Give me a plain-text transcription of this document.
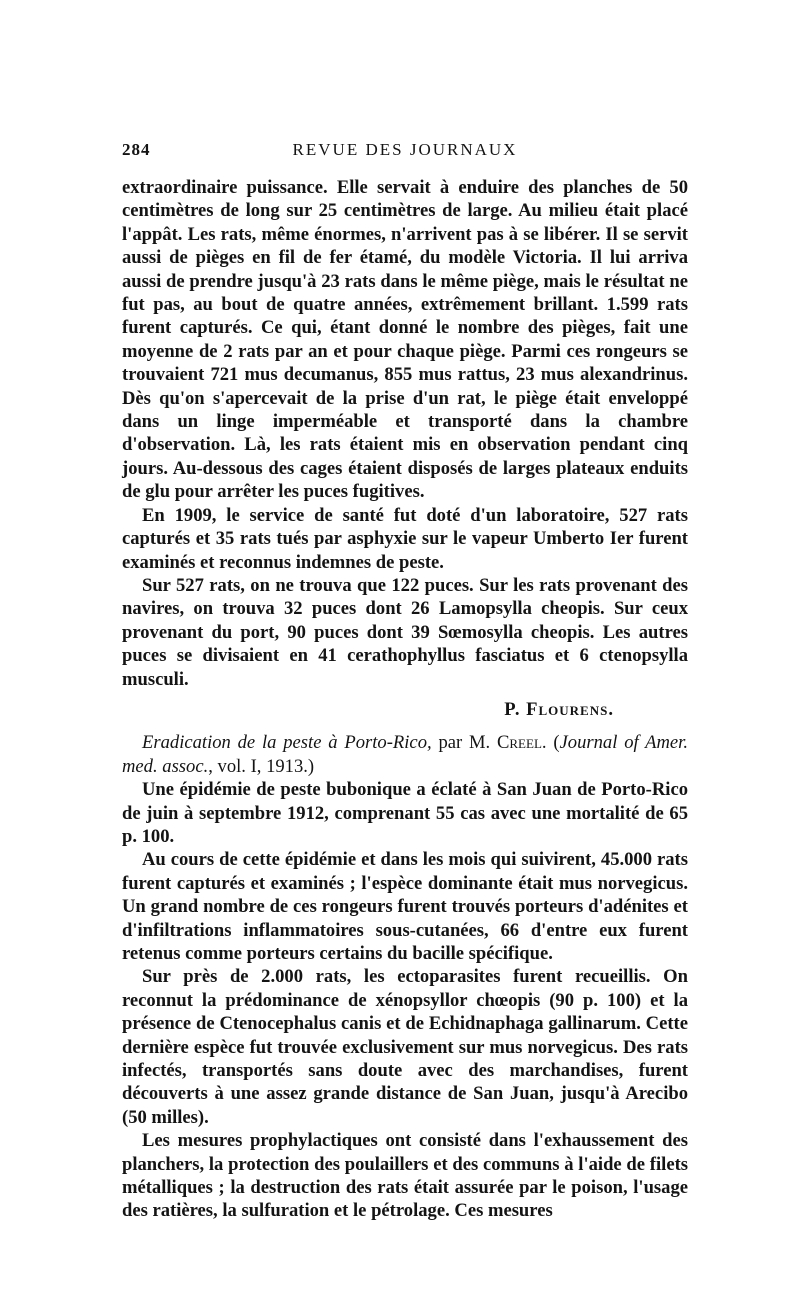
284	REVUE DES JOURNAUX

extraordinaire puissance. Elle servait à enduire des planches de 50 centimètres de long sur 25 centimètres de large. Au milieu était placé l'appât. Les rats, même énormes, n'arrivent pas à se libérer. Il se servit aussi de pièges en fil de fer étamé, du modèle Victoria. Il lui arriva aussi de prendre jusqu'à 23 rats dans le même piège, mais le résultat ne fut pas, au bout de quatre années, extrêmement brillant. 1.599 rats furent capturés. Ce qui, étant donné le nombre des pièges, fait une moyenne de 2 rats par an et pour chaque piège. Parmi ces rongeurs se trouvaient 721 mus decumanus, 855 mus rattus, 23 mus alexandrinus. Dès qu'on s'apercevait de la prise d'un rat, le piège était enveloppé dans un linge imperméable et transporté dans la chambre d'observation. Là, les rats étaient mis en observation pendant cinq jours. Au-dessous des cages étaient disposés de larges plateaux enduits de glu pour arrêter les puces fugitives.

En 1909, le service de santé fut doté d'un laboratoire, 527 rats capturés et 35 rats tués par asphyxie sur le vapeur Umberto Ier furent examinés et reconnus indemnes de peste.

Sur 527 rats, on ne trouva que 122 puces. Sur les rats provenant des navires, on trouva 32 puces dont 26 Lamopsylla cheopis. Sur ceux provenant du port, 90 puces dont 39 Sœmosylla cheopis. Les autres puces se divisaient en 41 cerathophyllus fasciatus et 6 ctenopsylla musculi.

P. Flourens.

Eradication de la peste à Porto-Rico, par M. Creel. (Journal of Amer. med. assoc., vol. I, 1913.)

Une épidémie de peste bubonique a éclaté à San Juan de Porto-Rico de juin à septembre 1912, comprenant 55 cas avec une mortalité de 65 p. 100.

Au cours de cette épidémie et dans les mois qui suivirent, 45.000 rats furent capturés et examinés ; l'espèce dominante était mus norvegicus. Un grand nombre de ces rongeurs furent trouvés porteurs d'adénites et d'infiltrations inflammatoires sous-cutanées, 66 d'entre eux furent retenus comme porteurs certains du bacille spécifique.

Sur près de 2.000 rats, les ectoparasites furent recueillis. On reconnut la prédominance de xénopsyllor chœopis (90 p. 100) et la présence de Ctenocephalus canis et de Echidnaphaga gallinarum. Cette dernière espèce fut trouvée exclusivement sur mus norvegicus. Des rats infectés, transportés sans doute avec des marchandises, furent découverts à une assez grande distance de San Juan, jusqu'à Arecibo (50 milles).

Les mesures prophylactiques ont consisté dans l'exhaussement des planchers, la protection des poulaillers et des communs à l'aide de filets métalliques ; la destruction des rats était assurée par le poison, l'usage des ratières, la sulfuration et le pétrolage. Ces mesures
